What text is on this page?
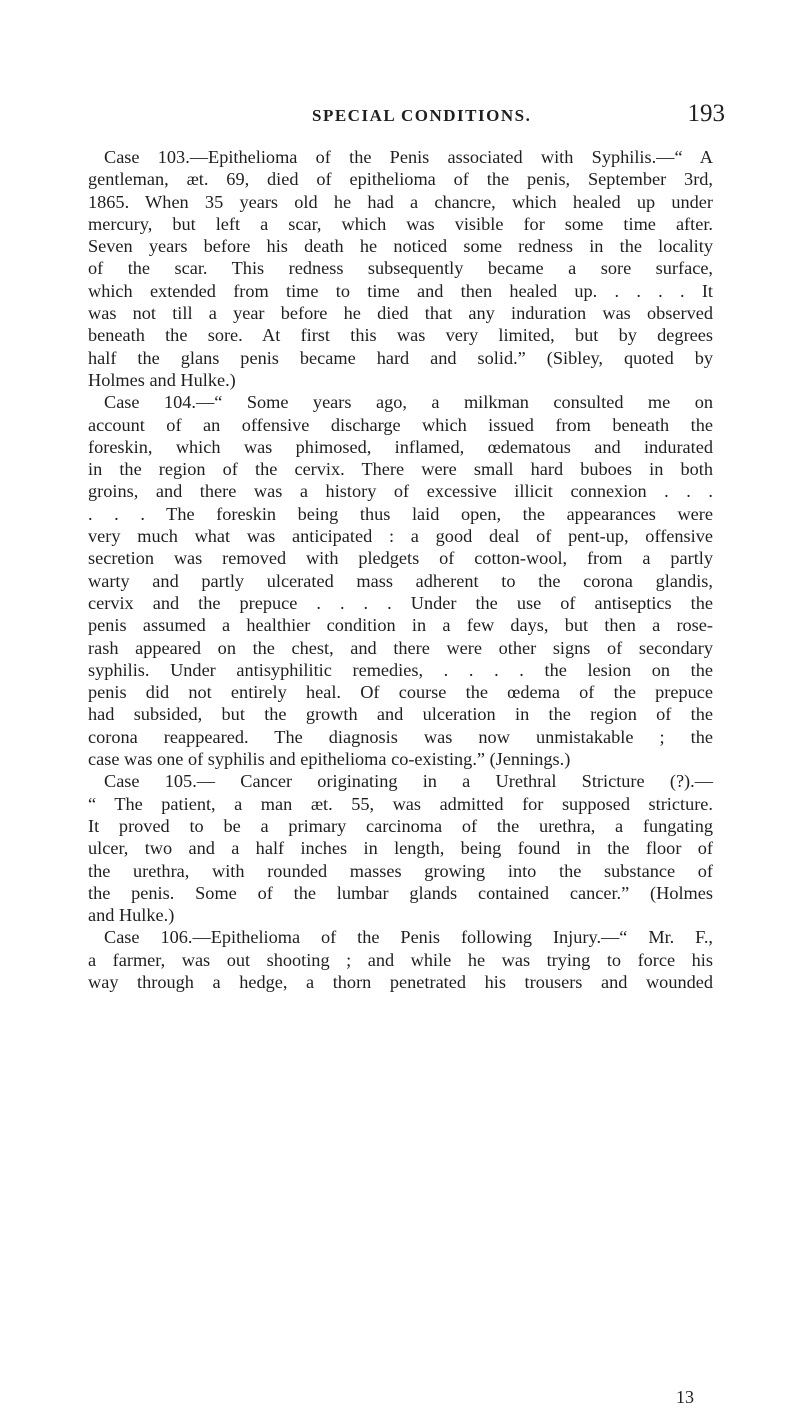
SPECIAL CONDITIONS.	193
Case 103.—Epithelioma of the Penis associated with Syphilis.—“ A
gentleman, æt. 69, died of epithelioma of the penis, September 3rd,
1865. When 35 years old he had a chancre, which healed up under
mercury, but left a scar, which was visible for some time after.
Seven years before his death he noticed some redness in the locality
of the scar. This redness subsequently became a sore surface,
which extended from time to time and then healed up. . . . . It
was not till a year before he died that any induration was observed
beneath the sore. At first this was very limited, but by degrees
half the glans penis became hard and solid.” (Sibley, quoted by
Holmes and Hulke.)
Case 104.—“ Some years ago, a milkman consulted me on
account of an offensive discharge which issued from beneath the
foreskin, which was phimosed, inflamed, œdematous and indurated
in the region of the cervix. There were small hard buboes in both
groins, and there was a history of excessive illicit connexion . . .
. . . The foreskin being thus laid open, the appearances were
very much what was anticipated : a good deal of pent-up, offensive
secretion was removed with pledgets of cotton-wool, from a partly
warty and partly ulcerated mass adherent to the corona glandis,
cervix and the prepuce . . . . Under the use of antiseptics the
penis assumed a healthier condition in a few days, but then a rose-
rash appeared on the chest, and there were other signs of secondary
syphilis. Under antisyphilitic remedies, . . . . the lesion on the
penis did not entirely heal. Of course the œdema of the prepuce
had subsided, but the growth and ulceration in the region of the
corona reappeared. The diagnosis was now unmistakable ; the
case was one of syphilis and epithelioma co-existing.” (Jennings.)
Case 105.— Cancer originating in a Urethral Stricture (?).—
“ The patient, a man æt. 55, was admitted for supposed stricture.
It proved to be a primary carcinoma of the urethra, a fungating
ulcer, two and a half inches in length, being found in the floor of
the urethra, with rounded masses growing into the substance of
the penis. Some of the lumbar glands contained cancer.” (Holmes
and Hulke.)
Case 106.—Epithelioma of the Penis following Injury.—“ Mr. F.,
a farmer, was out shooting ; and while he was trying to force his
way through a hedge, a thorn penetrated his trousers and wounded
13
